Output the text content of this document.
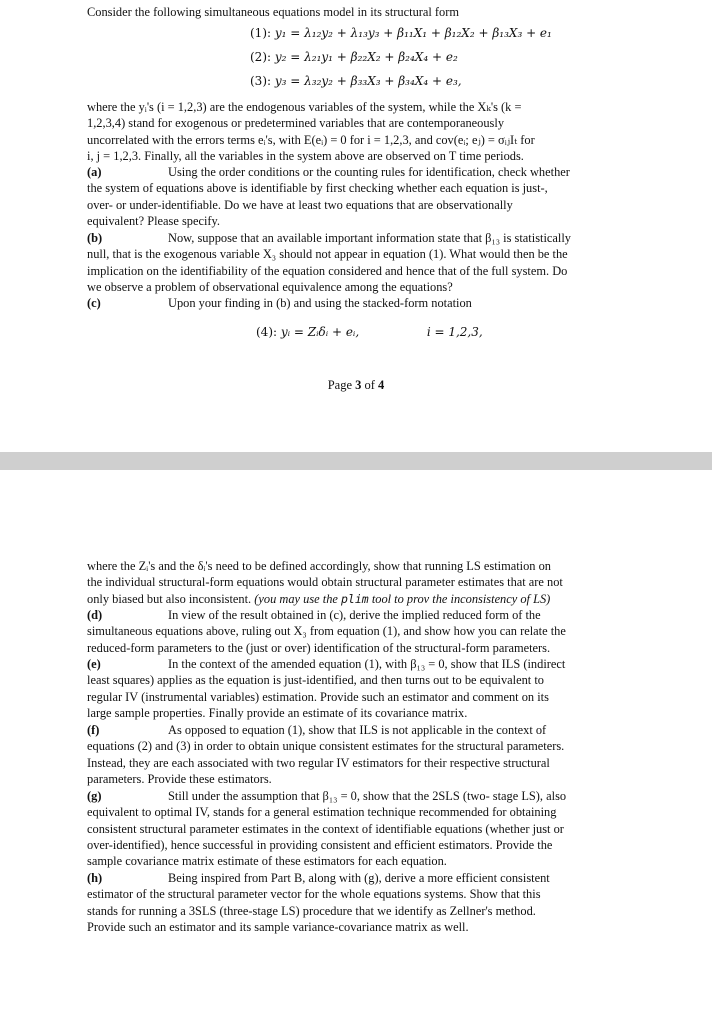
Consider the following simultaneous equations model in its structural form

(1): y₁ = λ₁₂y₂ + λ₁₃y₃ + β₁₁X₁ + β₁₂X₂ + β₁₃X₃ + e₁
(2): y₂ = λ₂₁y₁ + β₂₂X₂ + β₂₄X₄ + e₂
(3): y₃ = λ₃₂y₂ + β₃₃X₃ + β₃₄X₄ + e₃,

where the yᵢ's (i = 1,2,3) are the endogenous variables of the system, while the Xₖ's (k =
1,2,3,4) stand for exogenous or predetermined variables that are contemporaneously
uncorrelated with the errors terms eᵢ's, with E(eᵢ) = 0 for i = 1,2,3, and cov(eᵢ; eⱼ) = σᵢⱼIₜ for
i, j = 1,2,3. Finally, all the variables in the system above are observed on T time periods.

(a)	Using the order conditions or the counting rules for identification, check whether
the system of equations above is identifiable by first checking whether each equation is just-,
over- or under-identifiable. Do we have at least two equations that are observationally
equivalent? Please specify.

(b)	Now, suppose that an available important information state that β₁₃ is statistically
null, that is the exogenous variable X₃ should not appear in equation (1). What would then be the
implication on the identifiability of the equation considered and hence that of the full system. Do
we observe a problem of observational equivalence among the equations?

(c)	Upon your finding in (b) and using the stacked-form notation

(4): yᵢ = Zᵢδᵢ + eᵢ,	i = 1,2,3,
Page 3 of 4

where the Zᵢ's and the δᵢ's need to be defined accordingly, show that running LS estimation on
the individual structural-form equations would obtain structural parameter estimates that are not
only biased but also inconsistent. (you may use the plim tool to prov the inconsistency of LS)

(d)	In view of the result obtained in (c), derive the implied reduced form of the
simultaneous equations above, ruling out X₃ from equation (1), and show how you can relate the
reduced-form parameters to the (just or over) identification of the structural-form parameters.

(e)	In the context of the amended equation (1), with β₁₃ = 0, show that ILS (indirect
least squares) applies as the equation is just-identified, and then turns out to be equivalent to
regular IV (instrumental variables) estimation. Provide such an estimator and comment on its
large sample properties. Finally provide an estimate of its covariance matrix.

(f)	As opposed to equation (1), show that ILS is not applicable in the context of
equations (2) and (3) in order to obtain unique consistent estimates for the structural parameters.
Instead, they are each associated with two regular IV estimators for their respective structural
parameters. Provide these estimators.

(g)	Still under the assumption that β₁₃ = 0, show that the 2SLS (two- stage LS), also
equivalent to optimal IV, stands for a general estimation technique recommended for obtaining
consistent structural parameter estimates in the context of identifiable equations (whether just or
over-identified), hence successful in providing consistent and efficient estimators. Provide the
sample covariance matrix estimate of these estimators for each equation.

(h)	Being inspired from Part B, along with (g), derive a more efficient consistent
estimator of the structural parameter vector for the whole equations systems. Show that this
stands for running a 3SLS (three-stage LS) procedure that we identify as Zellner's method.
Provide such an estimator and its sample variance-covariance matrix as well.
